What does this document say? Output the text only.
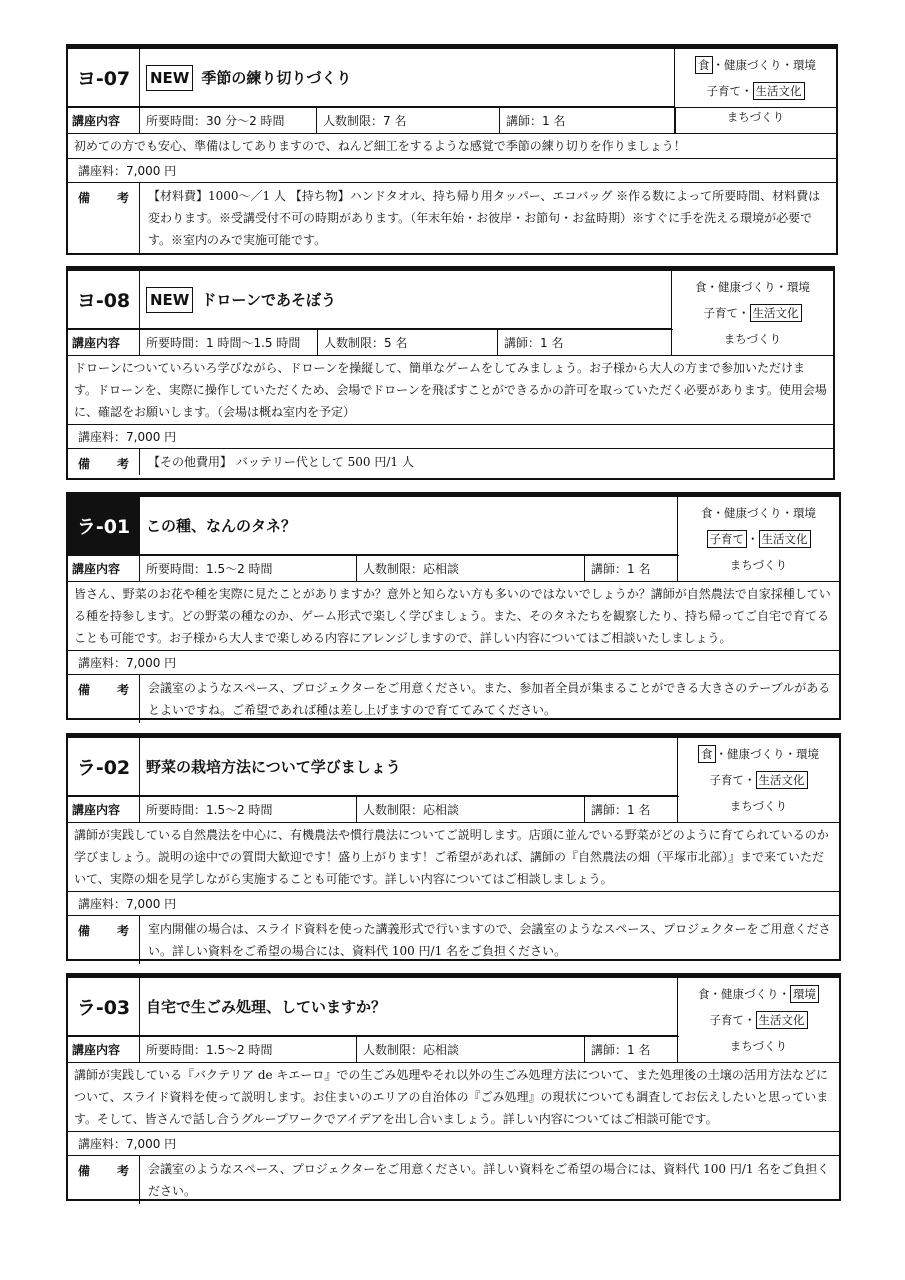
ヨ-07	NEW 季節の練り切りづくり
食 ・健康づくり・環境
子育て・ 生活文化
まちづくり
講座内容	所要時間：30 分～2 時間	人数制限：7 名	講師：1 名
初めての方でも安心、準備はしてありますので、ねんど細工をするような感覚で季節の練り切りを作りましょう！
講座料：7,000 円
備 考	【材料費】1000～／1 人 【持ち物】ハンドタオル、持ち帰り用タッパー、エコバッグ ※作る数によって所要時間、材料費は変わります。※受講受付不可の時期があります。（年末年始・お彼岸・お節句・お盆時期）※すぐに手を洗える環境が必要です。※室内のみで実施可能です。
ヨ-08	NEW ドローンであそぼう
食・健康づくり・環境
子育て・ 生活文化
まちづくり
講座内容	所要時間：1 時間～1.5 時間	人数制限：5 名	講師：1 名
ドローンについていろいろ学びながら、ドローンを操縦して、簡単なゲームをしてみましょう。お子様から大人の方まで参加いただけます。ドローンを、実際に操作していただくため、会場でドローンを飛ばすことができるかの許可を取っていただく必要があります。使用会場に、確認をお願いします。（会場は概ね室内を予定）
講座料：7,000 円
備 考	【その他費用】 バッテリー代として 500 円/1 人
ラ-01	この種、なんのタネ？
食・健康づくり・環境
子育て ・ 生活文化
まちづくり
講座内容	所要時間：1.5～2 時間	人数制限：応相談	講師：1 名
皆さん、野菜のお花や種を実際に見たことがありますか？意外と知らない方も多いのではないでしょうか？講師が自然農法で自家採種している種を持参します。どの野菜の種なのか、ゲーム形式で楽しく学びましょう。また、そのタネたちを観察したり、持ち帰ってご自宅で育てることも可能です。お子様から大人まで楽しめる内容にアレンジしますので、詳しい内容についてはご相談いたしましょう。
講座料：7,000 円
備 考	会議室のようなスペース、プロジェクターをご用意ください。また、参加者全員が集まることができる大きさのテーブルがあるとよいですね。ご希望であれば種は差し上げますので育ててみてください。
ラ-02	野菜の栽培方法について学びましょう
食 ・健康づくり・環境
子育て・ 生活文化
まちづくり
講座内容	所要時間：1.5～2 時間	人数制限：応相談	講師：1 名
講師が実践している自然農法を中心に、有機農法や慣行農法についてご説明します。店頭に並んでいる野菜がどのように育てられているのか学びましょう。説明の途中での質問大歓迎です！盛り上がります！ご希望があれば、講師の『自然農法の畑（平塚市北部）』まで来ていただいて、実際の畑を見学しながら実施することも可能です。詳しい内容についてはご相談しましょう。
講座料：7,000 円
備 考	室内開催の場合は、スライド資料を使った講義形式で行いますので、会議室のようなスペース、プロジェクターをご用意ください。詳しい資料をご希望の場合には、資料代 100 円/1 名をご負担ください。
ラ-03	自宅で生ごみ処理、していますか？
食・健康づくり・ 環境
子育て・ 生活文化
まちづくり
講座内容	所要時間：1.5～2 時間	人数制限：応相談	講師：1 名
講師が実践している『バクテリア de キエーロ』での生ごみ処理やそれ以外の生ごみ処理方法について、また処理後の土壌の活用方法などについて、スライド資料を使って説明します。お住まいのエリアの自治体の『ごみ処理』の現状についても調査してお伝えしたいと思っています。そして、皆さんで話し合うグループワークでアイデアを出し合いましょう。詳しい内容についてはご相談可能です。
講座料：7,000 円
備 考	会議室のようなスペース、プロジェクターをご用意ください。詳しい資料をご希望の場合には、資料代 100 円/1 名をご負担ください。
